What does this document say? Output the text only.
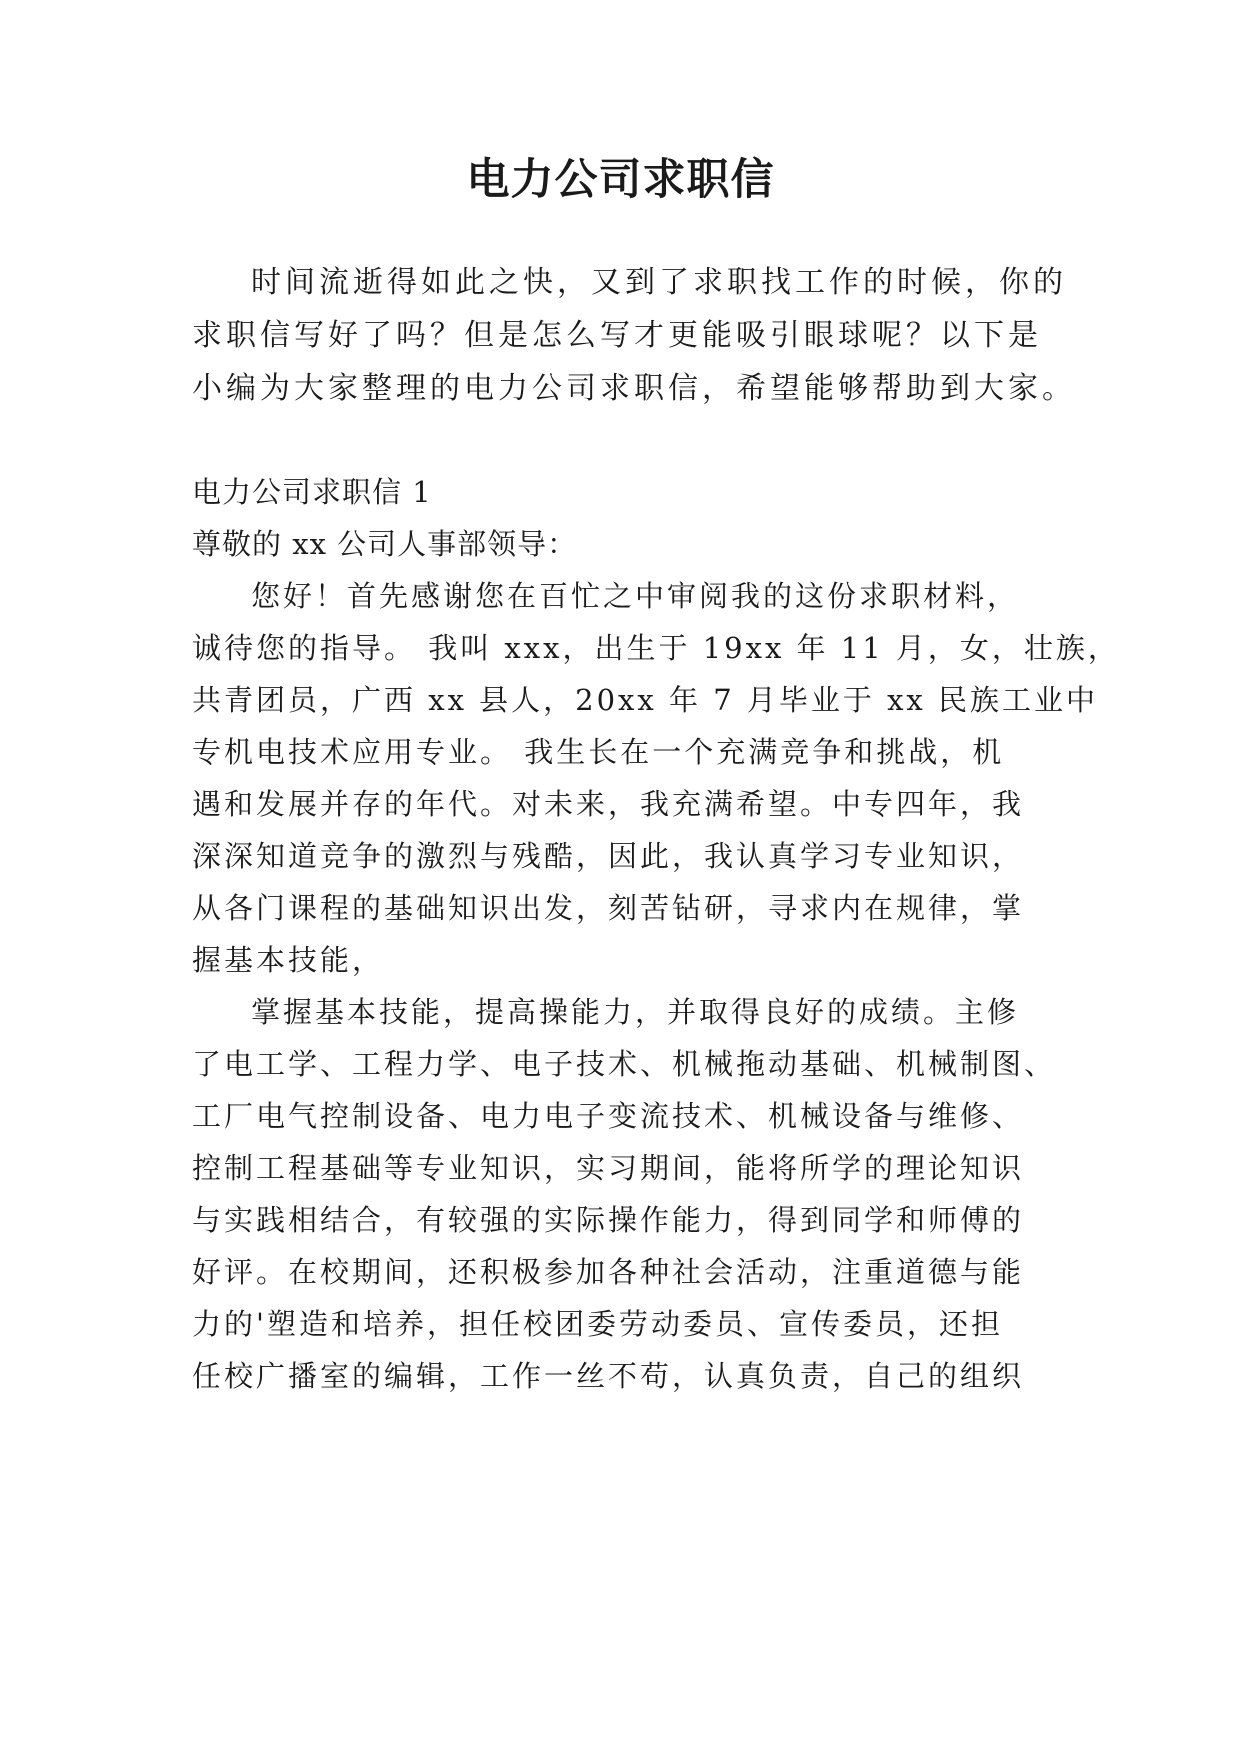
电力公司求职信
时间流逝得如此之快，又到了求职找工作的时候，你的
求职信写好了吗？但是怎么写才更能吸引眼球呢？以下是
小编为大家整理的电力公司求职信，希望能够帮助到大家。
电力公司求职信 1
尊敬的 xx 公司人事部领导：
您好！首先感谢您在百忙之中审阅我的这份求职材料，
诚待您的指导。 我叫 xxx，出生于 19xx 年 11 月，女，壮族，
共青团员，广西 xx 县人，20xx 年 7 月毕业于 xx 民族工业中
专机电技术应用专业。 我生长在一个充满竞争和挑战，机
遇和发展并存的年代。对未来，我充满希望。中专四年，我
深深知道竞争的激烈与残酷，因此，我认真学习专业知识，
从各门课程的基础知识出发，刻苦钻研，寻求内在规律，掌
握基本技能，
掌握基本技能，提高操能力，并取得良好的成绩。主修
了电工学、工程力学、电子技术、机械拖动基础、机械制图、
工厂电气控制设备、电力电子变流技术、机械设备与维修、
控制工程基础等专业知识，实习期间，能将所学的理论知识
与实践相结合，有较强的实际操作能力，得到同学和师傅的
好评。在校期间，还积极参加各种社会活动，注重道德与能
力的'塑造和培养，担任校团委劳动委员、宣传委员，还担
任校广播室的编辑，工作一丝不苟，认真负责，自己的组织
